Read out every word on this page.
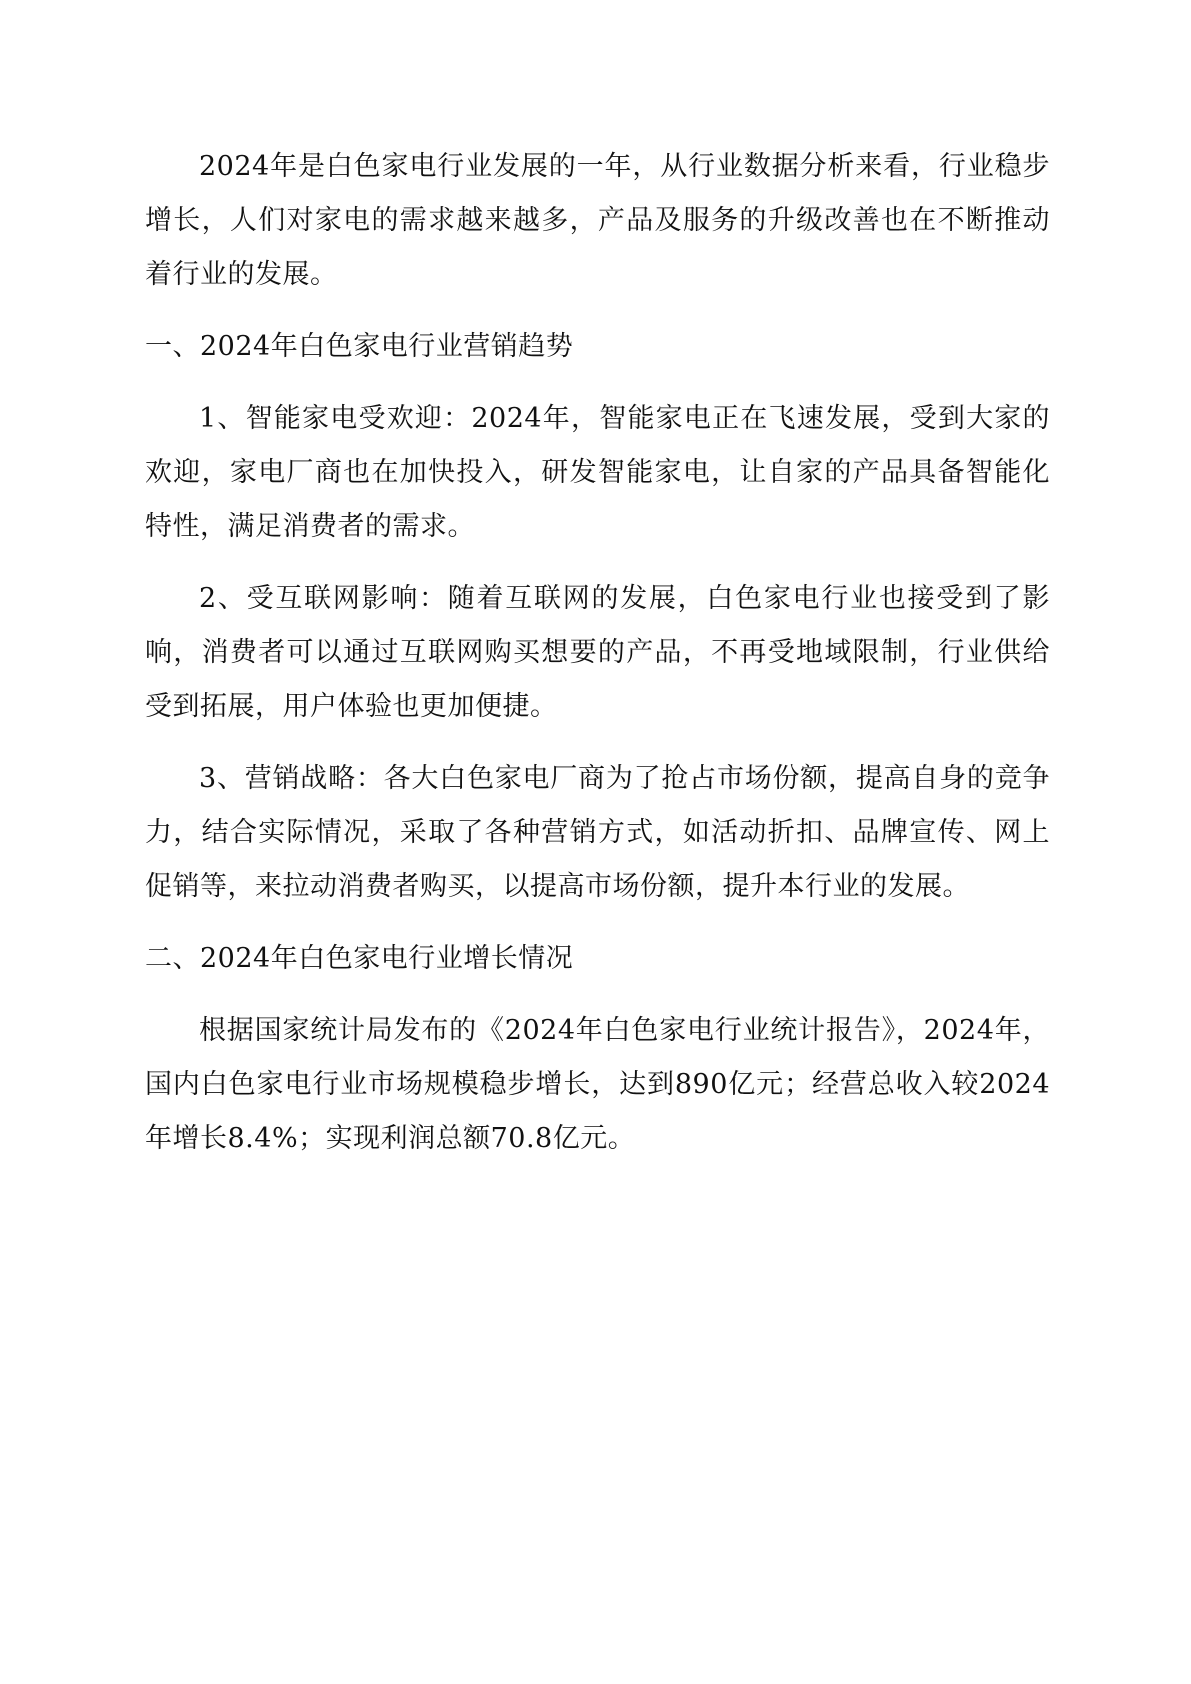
2024年是白色家电行业发展的一年，从行业数据分析来看，行业稳步增长，人们对家电的需求越来越多，产品及服务的升级改善也在不断推动着行业的发展。

一、2024年白色家电行业营销趋势

1、智能家电受欢迎：2024年，智能家电正在飞速发展，受到大家的欢迎，家电厂商也在加快投入，研发智能家电，让自家的产品具备智能化特性，满足消费者的需求。

2、受互联网影响：随着互联网的发展，白色家电行业也接受到了影响，消费者可以通过互联网购买想要的产品，不再受地域限制，行业供给受到拓展，用户体验也更加便捷。

3、营销战略：各大白色家电厂商为了抢占市场份额，提高自身的竞争力，结合实际情况，采取了各种营销方式，如活动折扣、品牌宣传、网上促销等，来拉动消费者购买，以提高市场份额，提升本行业的发展。

二、2024年白色家电行业增长情况

根据国家统计局发布的《2024年白色家电行业统计报告》，2024年，国内白色家电行业市场规模稳步增长，达到890亿元；经营总收入较2024年增长8.4%；实现利润总额70.8亿元。
